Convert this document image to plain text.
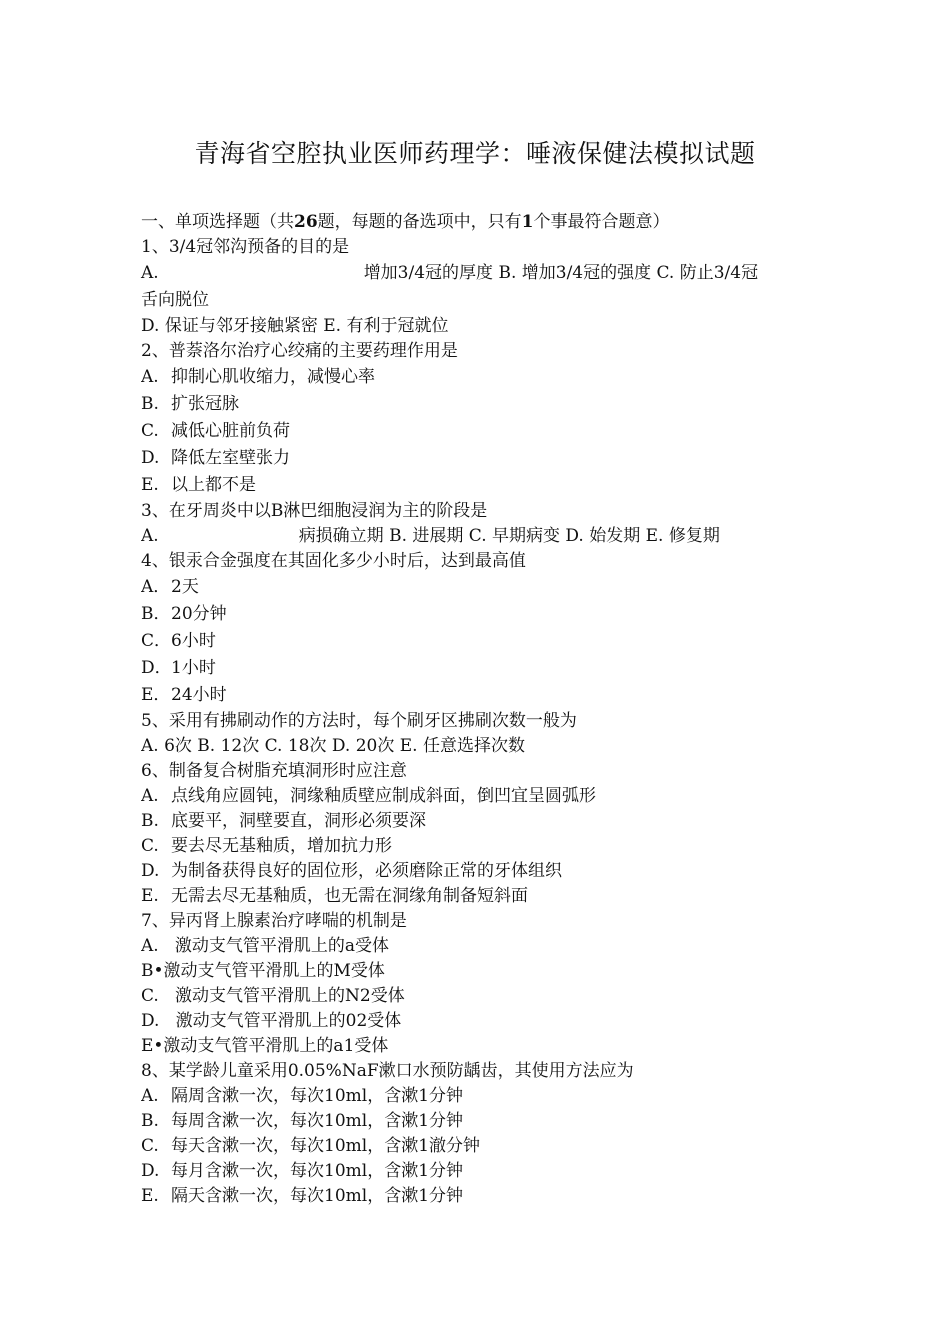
青海省空腔执业医师药理学：唾液保健法模拟试题
一、单项选择题（共26题，每题的备选项中，只有1个事最符合题意）
1、3/4冠邻沟预备的目的是
A.	增加3/4冠的厚度 B. 增加3/4冠的强度 C. 防止3/4冠
舌向脱位
D. 保证与邻牙接触紧密 E. 有利于冠就位
2、普萘洛尔治疗心绞痛的主要药理作用是
A. 抑制心肌收缩力，减慢心率
B. 扩张冠脉
C. 减低心脏前负荷
D. 降低左室壁张力
E. 以上都不是
3、在牙周炎中以B淋巴细胞浸润为主的阶段是
A.	病损确立期 B. 进展期 C. 早期病变 D. 始发期 E. 修复期
4、银汞合金强度在其固化多少小时后，达到最高值
A．2天
B．20分钟
C．6小时
D．1小时
E．24小时
5、采用有拂刷动作的方法时，每个刷牙区拂刷次数一般为
A. 6次 B. 12次 C. 18次 D. 20次 E. 任意选择次数
6、制备复合树脂充填洞形时应注意
A. 点线角应圆钝，洞缘釉质壁应制成斜面，倒凹宜呈圆弧形
B. 底要平，洞壁要直，洞形必须要深
C. 要去尽无基釉质，增加抗力形
D. 为制备获得良好的固位形，必须磨除正常的牙体组织
E. 无需去尽无基釉质，也无需在洞缘角制备短斜面
7、异丙肾上腺素治疗哮喘的机制是
A.   激动支气管平滑肌上的a受体
B•激动支气管平滑肌上的M受体
C.   激动支气管平滑肌上的N2受体
D.   激动支气管平滑肌上的02受体
E•激动支气管平滑肌上的a1受体
8、某学龄儿童采用0.05%NaF漱口水预防龋齿，其使用方法应为
A. 隔周含漱一次，每次10ml，含漱1分钟
B. 每周含漱一次，每次10ml，含漱1分钟
C. 每天含漱一次，每次10ml，含漱1澈分钟
D. 每月含漱一次，每次10ml，含漱1分钟
E. 隔天含漱一次，每次10ml，含漱1分钟
